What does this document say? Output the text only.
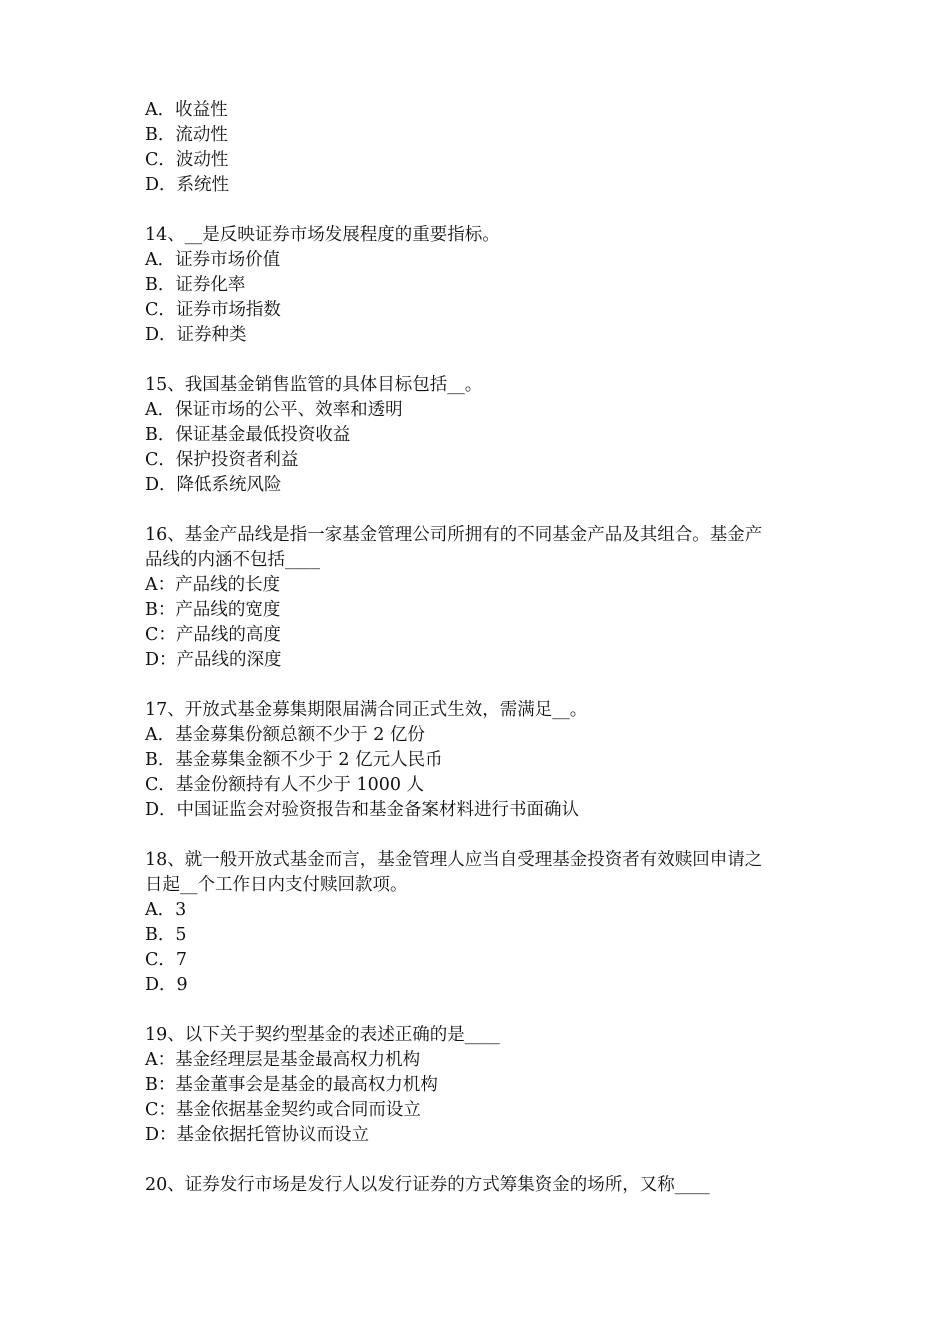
A．收益性
B．流动性
C．波动性
D．系统性
14、__是反映证券市场发展程度的重要指标。
A．证券市场价值
B．证券化率
C．证券市场指数
D．证券种类
15、我国基金销售监管的具体目标包括__。
A．保证市场的公平、效率和透明
B．保证基金最低投资收益
C．保护投资者利益
D．降低系统风险
16、基金产品线是指一家基金管理公司所拥有的不同基金产品及其组合。基金产
品线的内涵不包括____
A：产品线的长度
B：产品线的宽度
C：产品线的高度
D：产品线的深度
17、开放式基金募集期限届满合同正式生效，需满足__。
A．基金募集份额总额不少于 2 亿份
B．基金募集金额不少于 2 亿元人民币
C．基金份额持有人不少于 1000 人
D．中国证监会对验资报告和基金备案材料进行书面确认
18、就一般开放式基金而言，基金管理人应当自受理基金投资者有效赎回申请之
日起__个工作日内支付赎回款项。
A．3
B．5
C．7
D．9
19、以下关于契约型基金的表述正确的是____
A：基金经理层是基金最高权力机构
B：基金董事会是基金的最高权力机构
C：基金依据基金契约或合同而设立
D：基金依据托管协议而设立
20、证券发行市场是发行人以发行证券的方式筹集资金的场所，又称____
